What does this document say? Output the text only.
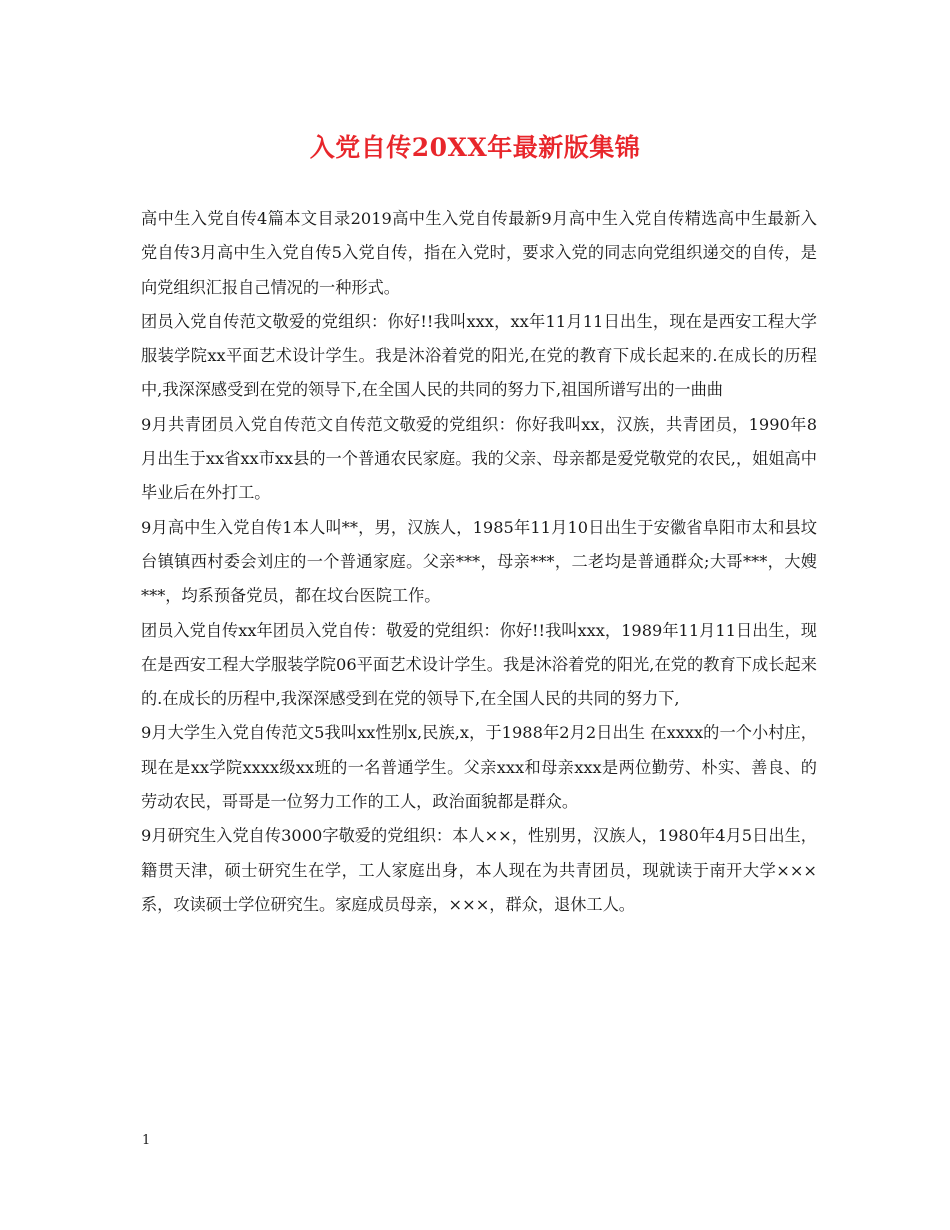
入党自传20XX年最新版集锦

高中生入党自传4篇本文目录2019高中生入党自传最新9月高中生入党自传精选高中生最新入党自传3月高中生入党自传5入党自传，指在入党时，要求入党的同志向党组织递交的自传，是向党组织汇报自己情况的一种形式。

团员入党自传范文敬爱的党组织：你好!!我叫xxx，xx年11月11日出生，现在是西安工程大学服装学院xx平面艺术设计学生。我是沐浴着党的阳光,在党的教育下成长起来的.在成长的历程中,我深深感受到在党的领导下,在全国人民的共同的努力下,祖国所谱写出的一曲曲

9月共青团员入党自传范文自传范文敬爱的党组织：你好我叫xx，汉族，共青团员，1990年8月出生于xx省xx市xx县的一个普通农民家庭。我的父亲、母亲都是爱党敬党的农民,，姐姐高中毕业后在外打工。

9月高中生入党自传1本人叫**，男，汉族人，1985年11月10日出生于安徽省阜阳市太和县坟台镇镇西村委会刘庄的一个普通家庭。父亲***，母亲***，二老均是普通群众;大哥***，大嫂***，均系预备党员，都在坟台医院工作。

团员入党自传xx年团员入党自传：敬爱的党组织：你好!!我叫xxx，1989年11月11日出生，现在是西安工程大学服装学院06平面艺术设计学生。我是沐浴着党的阳光,在党的教育下成长起来的.在成长的历程中,我深深感受到在党的领导下,在全国人民的共同的努力下,

9月大学生入党自传范文5我叫xx性别x,民族,x，于1988年2月2日出生 在xxxx的一个小村庄，现在是xx学院xxxx级xx班的一名普通学生。父亲xxx和母亲xxx是两位勤劳、朴实、善良、的劳动农民，哥哥是一位努力工作的工人，政治面貌都是群众。

9月研究生入党自传3000字敬爱的党组织：本人××，性别男，汉族人，1980年4月5日出生，籍贯天津，硕士研究生在学，工人家庭出身，本人现在为共青团员，现就读于南开大学×××系，攻读硕士学位研究生。家庭成员母亲，×××，群众，退休工人。

1
